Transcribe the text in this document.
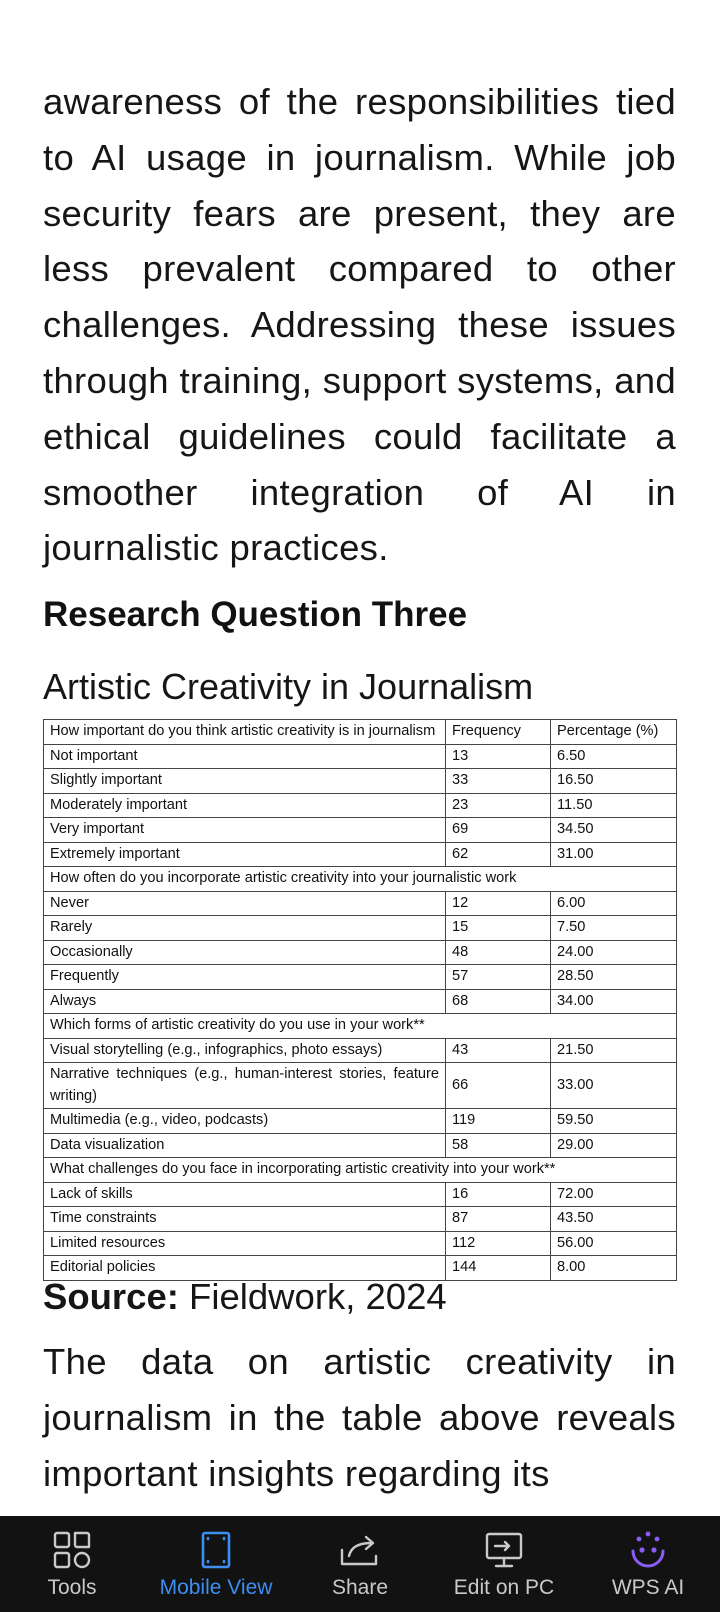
awareness of the responsibilities tied to AI usage in journalism. While job security fears are present, they are less prevalent compared to other challenges. Addressing these issues through training, support systems, and ethical guidelines could facilitate a smoother integration of AI in journalistic practices.
Research Question Three
Artistic Creativity in Journalism
How important do you think artistic creativity is in journalism	Frequency	Percentage (%)
Not important	13	6.50
Slightly important	33	16.50
Moderately important	23	11.50
Very important	69	34.50
Extremely important	62	31.00
How often do you incorporate artistic creativity into your journalistic work		
Never	12	6.00
Rarely	15	7.50
Occasionally	48	24.00
Frequently	57	28.50
Always	68	34.00
Which forms of artistic creativity do you use in your work**		
Visual storytelling (e.g., infographics, photo essays)	43	21.50
Narrative techniques (e.g., human-interest stories, feature writing)	66	33.00
Multimedia (e.g., video, podcasts)	119	59.50
Data visualization	58	29.00
What challenges do you face in incorporating artistic creativity into your work**		
Lack of skills	16	72.00
Time constraints	87	43.50
Limited resources	112	56.00
Editorial policies	144	8.00
Source: Fieldwork, 2024
The data on artistic creativity in journalism in the table above reveals important insights regarding its
Tools	Mobile View	Share	Edit on PC	WPS AI
